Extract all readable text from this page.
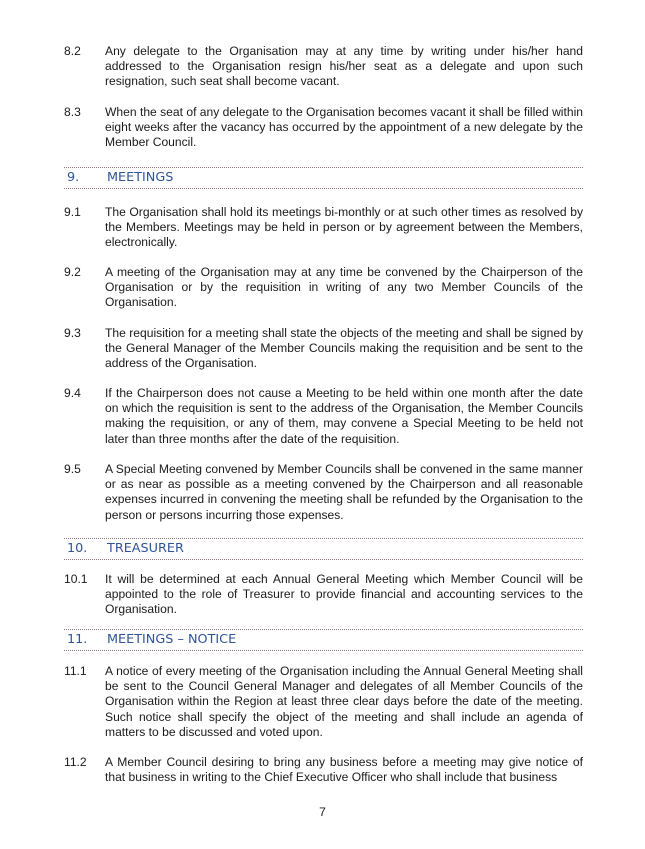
8.2	Any delegate to the Organisation may at any time by writing under his/her hand addressed to the Organisation resign his/her seat as a delegate and upon such resignation, such seat shall become vacant.
8.3	When the seat of any delegate to the Organisation becomes vacant it shall be filled within eight weeks after the vacancy has occurred by the appointment of a new delegate by the Member Council.
9. MEETINGS
9.1	The Organisation shall hold its meetings bi-monthly or at such other times as resolved by the Members. Meetings may be held in person or by agreement between the Members, electronically.
9.2	A meeting of the Organisation may at any time be convened by the Chairperson of the Organisation or by the requisition in writing of any two Member Councils of the Organisation.
9.3	The requisition for a meeting shall state the objects of the meeting and shall be signed by the General Manager of the Member Councils making the requisition and be sent to the address of the Organisation.
9.4	If the Chairperson does not cause a Meeting to be held within one month after the date on which the requisition is sent to the address of the Organisation, the Member Councils making the requisition, or any of them, may convene a Special Meeting to be held not later than three months after the date of the requisition.
9.5	A Special Meeting convened by Member Councils shall be convened in the same manner or as near as possible as a meeting convened by the Chairperson and all reasonable expenses incurred in convening the meeting shall be refunded by the Organisation to the person or persons incurring those expenses.
10. TREASURER
10.1	It will be determined at each Annual General Meeting which Member Council will be appointed to the role of Treasurer to provide financial and accounting services to the Organisation.
11. MEETINGS – NOTICE
11.1	A notice of every meeting of the Organisation including the Annual General Meeting shall be sent to the Council General Manager and delegates of all Member Councils of the Organisation within the Region at least three clear days before the date of the meeting. Such notice shall specify the object of the meeting and shall include an agenda of matters to be discussed and voted upon.
11.2	A Member Council desiring to bring any business before a meeting may give notice of that business in writing to the Chief Executive Officer who shall include that business
7
